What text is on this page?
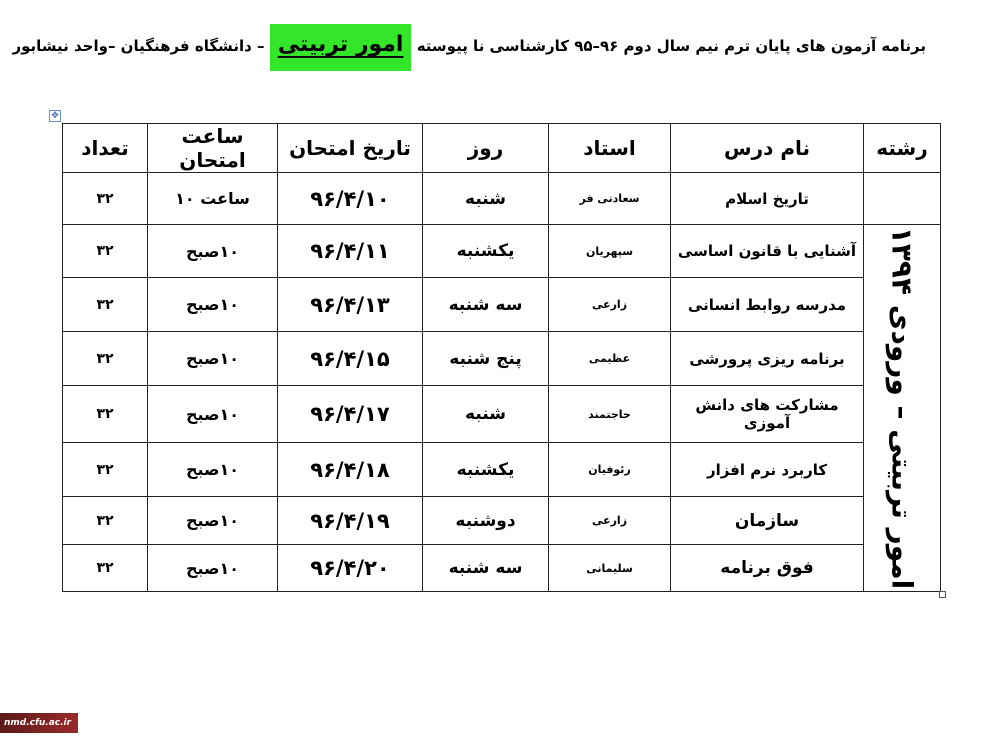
برنامه آزمون های پایان ترم نیم سال دوم ۹۶–۹۵ کارشناسی نا پیوسته امور تربیتی – دانشگاه فرهنگیان –واحد نیشابور
✥
رشته	نام درس	استاد	روز	تاریخ امتحان	ساعت امتحان	تعداد
	تاریخ اسلام	سعادتی فر	شنبه	۹۶/۴/۱۰	ساعت ۱۰	۳۲

امور تربیتی – ورودی ۱۳۹۴	آشنایی با قانون اساسی	سپهریان	یکشنبه	۹۶/۴/۱۱	۱۰صبح	۳۲
	مدرسه روابط انسانی	زارعی	سه شنبه	۹۶/۴/۱۳	۱۰صبح	۳۲
	برنامه ریزی پرورشی	عظیمی	پنج شنبه	۹۶/۴/۱۵	۱۰صبح	۳۲
	مشارکت های دانش آموزی	حاجتمند	شنبه	۹۶/۴/۱۷	۱۰صبح	۳۲
	کاربرد نرم افزار	رئوفیان	یکشنبه	۹۶/۴/۱۸	۱۰صبح	۳۲
	سازمان	زارعی	دوشنبه	۹۶/۴/۱۹	۱۰صبح	۳۲
	فوق برنامه	سلیمانی	سه شنبه	۹۶/۴/۲۰	۱۰صبح	۳۲
nmd.cfu.ac.ir
